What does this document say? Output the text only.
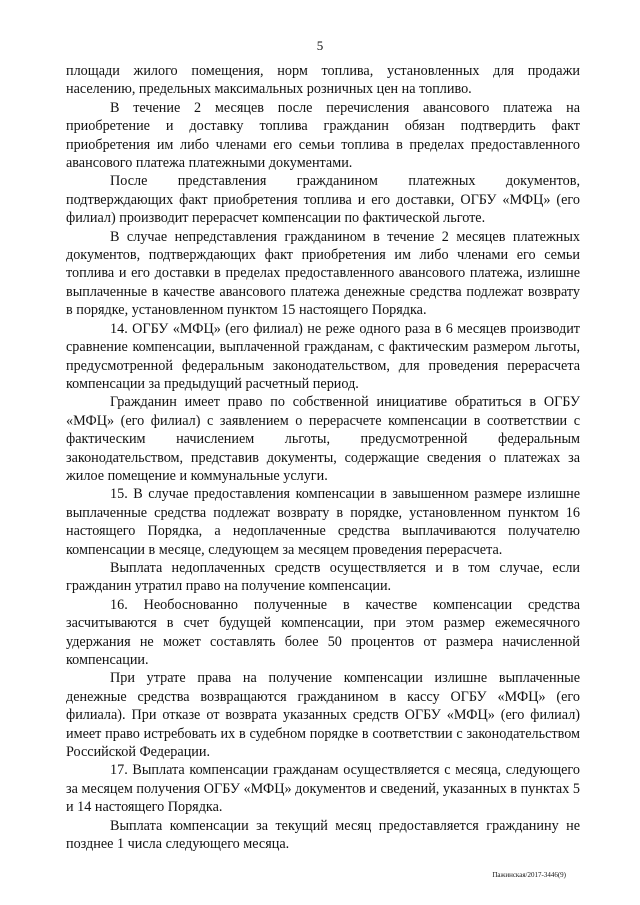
5

площади жилого помещения, норм топлива, установленных для продажи населению, предельных максимальных розничных цен на топливо.

В течение 2 месяцев после перечисления авансового платежа на приобретение и доставку топлива гражданин обязан подтвердить факт приобретения им либо членами его семьи топлива в пределах предоставленного авансового платежа платежными документами.

После представления гражданином платежных документов, подтверждающих факт приобретения топлива и его доставки, ОГБУ «МФЦ» (его филиал) производит перерасчет компенсации по фактической льготе.

В случае непредставления гражданином в течение 2 месяцев платежных документов, подтверждающих факт приобретения им либо членами его семьи топлива и его доставки в пределах предоставленного авансового платежа, излишне выплаченные в качестве авансового платежа денежные средства подлежат возврату в порядке, установленном пунктом 15 настоящего Порядка.

14. ОГБУ «МФЦ» (его филиал) не реже одного раза в 6 месяцев производит сравнение компенсации, выплаченной гражданам, с фактическим размером льготы, предусмотренной федеральным законодательством, для проведения перерасчета компенсации за предыдущий расчетный период.

Гражданин имеет право по собственной инициативе обратиться в ОГБУ «МФЦ» (его филиал) с заявлением о перерасчете компенсации в соответствии с фактическим начислением льготы, предусмотренной федеральным законодательством, представив документы, содержащие сведения о платежах за жилое помещение и коммунальные услуги.

15. В случае предоставления компенсации в завышенном размере излишне выплаченные средства подлежат возврату в порядке, установленном пунктом 16 настоящего Порядка, а недоплаченные средства выплачиваются получателю компенсации в месяце, следующем за месяцем проведения перерасчета.

Выплата недоплаченных средств осуществляется и в том случае, если гражданин утратил право на получение компенсации.

16. Необоснованно полученные в качестве компенсации средства засчитываются в счет будущей компенсации, при этом размер ежемесячного удержания не может составлять более 50 процентов от размера начисленной компенсации.

При утрате права на получение компенсации излишне выплаченные денежные средства возвращаются гражданином в кассу ОГБУ «МФЦ» (его филиала). При отказе от возврата указанных средств ОГБУ «МФЦ» (его филиал) имеет право истребовать их в судебном порядке в соответствии с законодательством Российской Федерации.

17. Выплата компенсации гражданам осуществляется с месяца, следующего за месяцем получения ОГБУ «МФЦ» документов и сведений, указанных в пунктах 5 и 14 настоящего Порядка.

Выплата компенсации за текущий месяц предоставляется гражданину не позднее 1 числа следующего месяца.

Пажинская/2017-3446(9)
